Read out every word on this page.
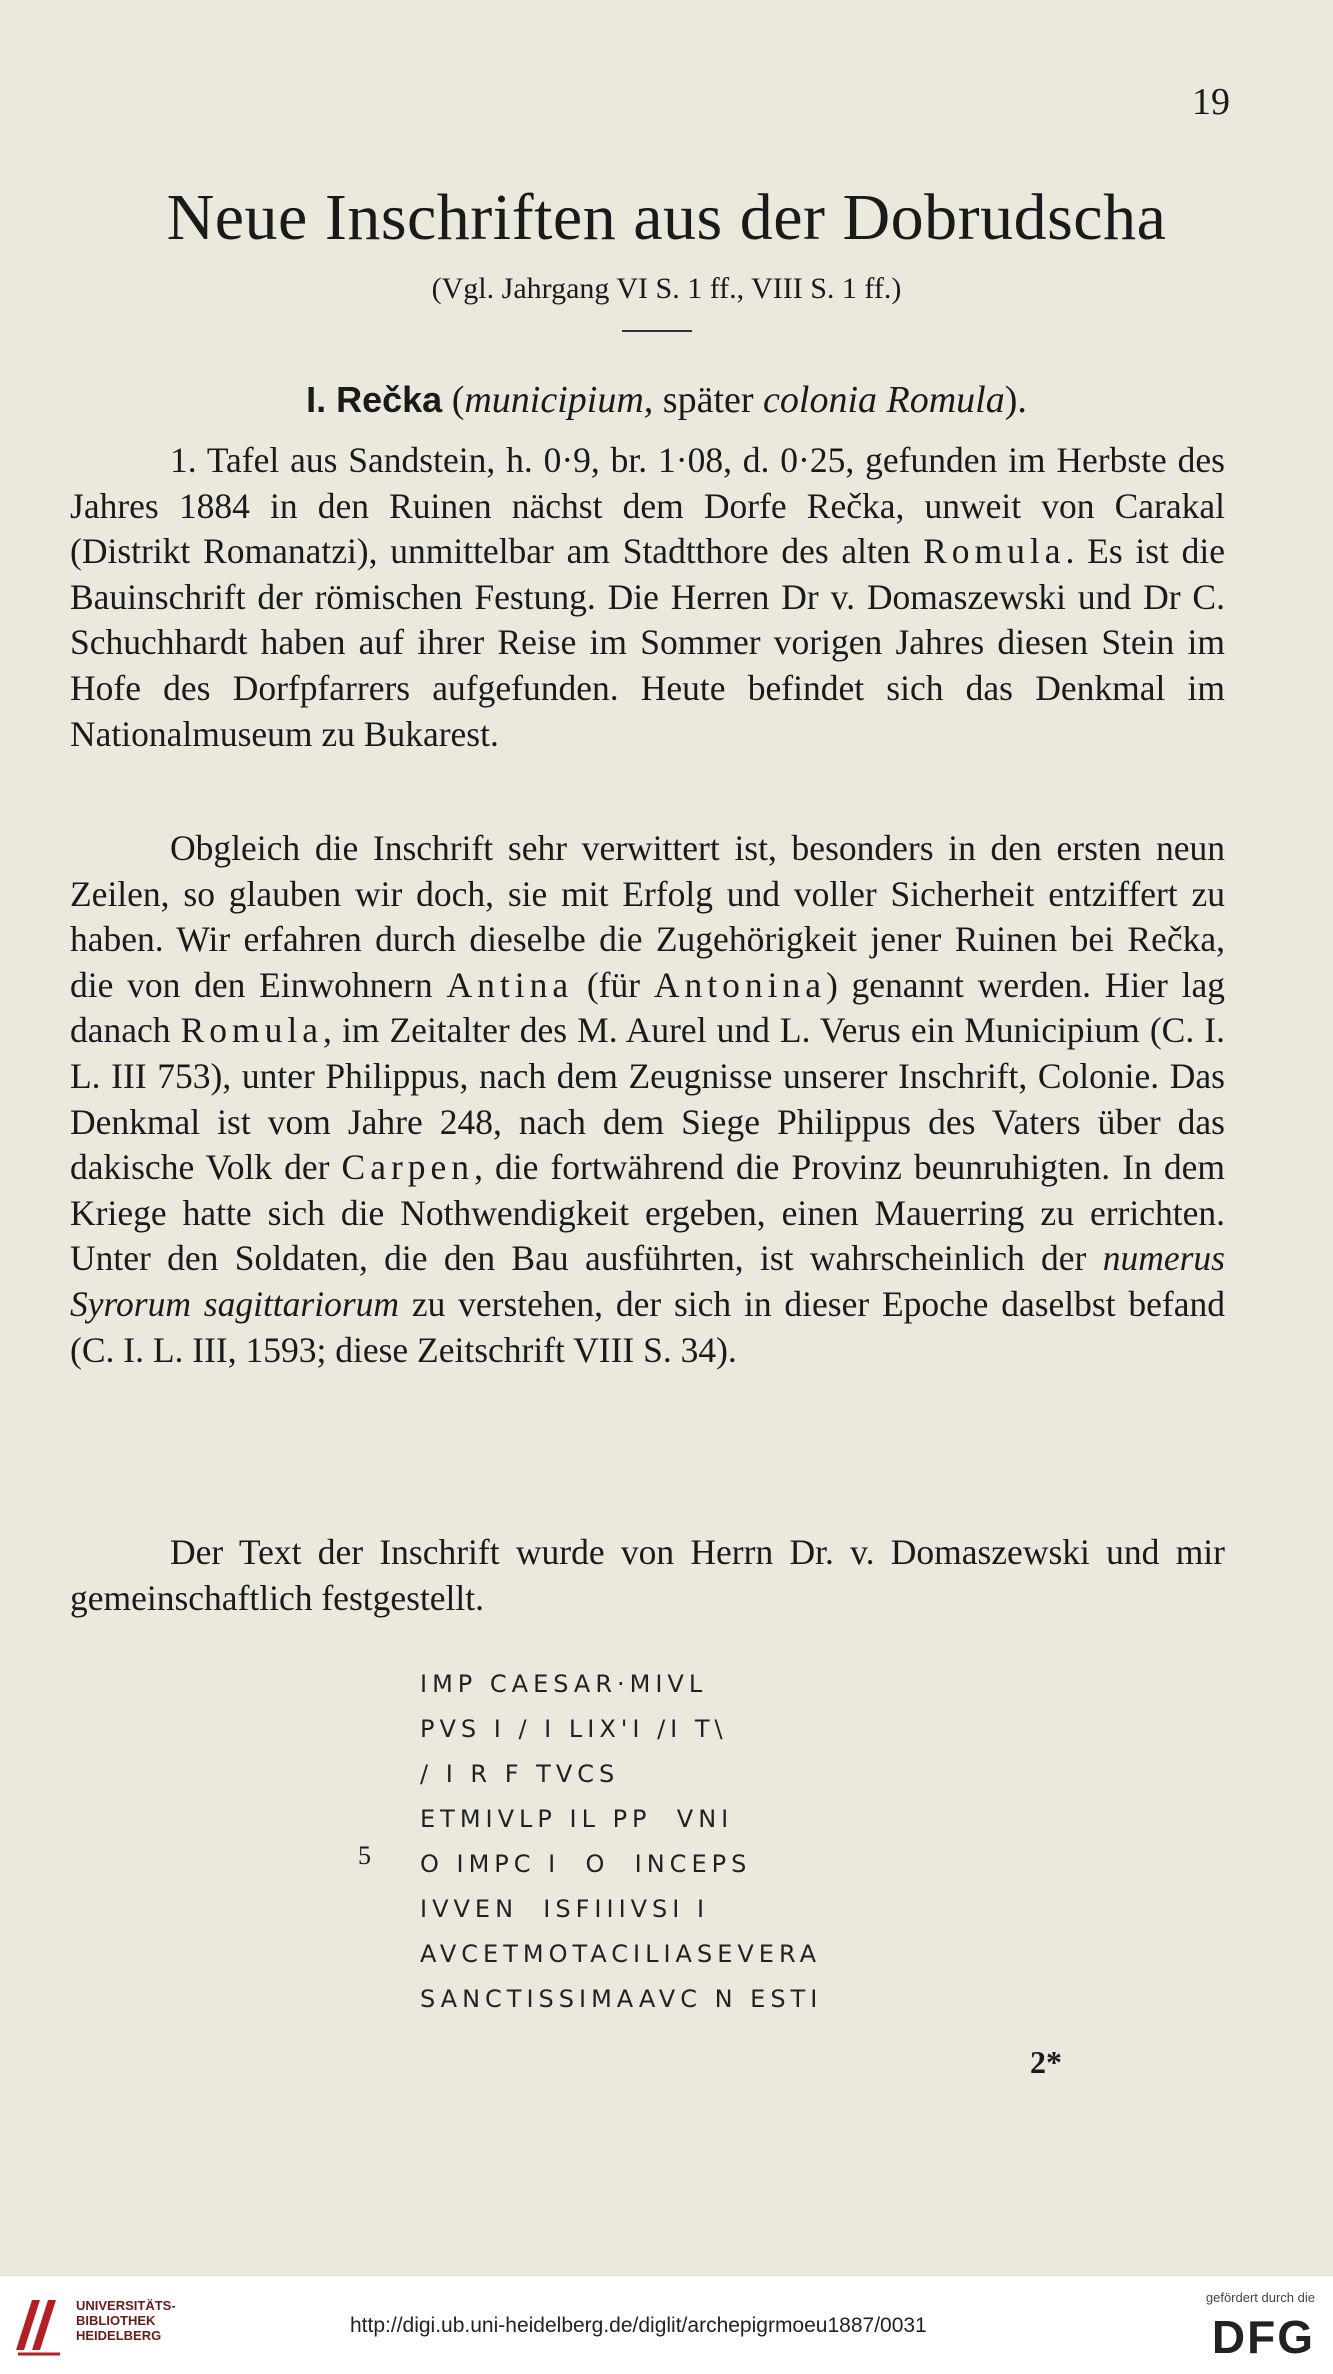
19
Neue Inschriften aus der Dobrudscha
(Vgl. Jahrgang VI S. 1 ff., VIII S. 1 ff.)
I. Rečka (municipium, später colonia Romula).

1. Tafel aus Sandstein, h. 0·9, br. 1·08, d. 0·25, gefunden im Herbste des Jahres 1884 in den Ruinen nächst dem Dorfe Rečka, unweit von Carakal (Distrikt Romanatzi), unmittelbar am Stadtthore des alten Romula. Es ist die Bauinschrift der römischen Festung. Die Herren Dr v. Domaszewski und Dr C. Schuchhardt haben auf ihrer Reise im Sommer vorigen Jahres diesen Stein im Hofe des Dorfpfarrers aufgefunden. Heute befindet sich das Denkmal im Nationalmuseum zu Bukarest.

Obgleich die Inschrift sehr verwittert ist, besonders in den ersten neun Zeilen, so glauben wir doch, sie mit Erfolg und voller Sicherheit entziffert zu haben. Wir erfahren durch dieselbe die Zugehörigkeit jener Ruinen bei Rečka, die von den Einwohnern Antina (für Antonina) genannt werden. Hier lag danach Romula, im Zeitalter des M. Aurel und L. Verus ein Municipium (C. I. L. III 753), unter Philippus, nach dem Zeugnisse unserer Inschrift, Colonie. Das Denkmal ist vom Jahre 248, nach dem Siege Philippus des Vaters über das dakische Volk der Carpen, die fortwährend die Provinz beunruhigten. In dem Kriege hatte sich die Nothwendigkeit ergeben, einen Mauerring zu errichten. Unter den Soldaten, die den Bau ausführten, ist wahrscheinlich der numerus Syrorum sagittariorum zu verstehen, der sich in dieser Epoche daselbst befand (C. I. L. III, 1593; diese Zeitschrift VIII S. 34).

Der Text der Inschrift wurde von Herrn Dr. v. Domaszewski und mir gemeinschaftlich festgestellt.

IMP CAESAR·MIVL
PVS I / I LIX'I /I T\
/ I R F TVCS
ETMIVLP IL PP  VNI
O IMPC I  O  INCEPS
IVVEN  ISFIIIVSI I
AVCETMOTACILIASEVERA
SANCTISSIMAAVC N ESTI
5
2*
UNIVERSITÄTS-
BIBLIOTHEK
HEIDELBERG	http://digi.ub.uni-heidelberg.de/diglit/archepigrmoeu1887/0031
gefördert durch die
DFG
